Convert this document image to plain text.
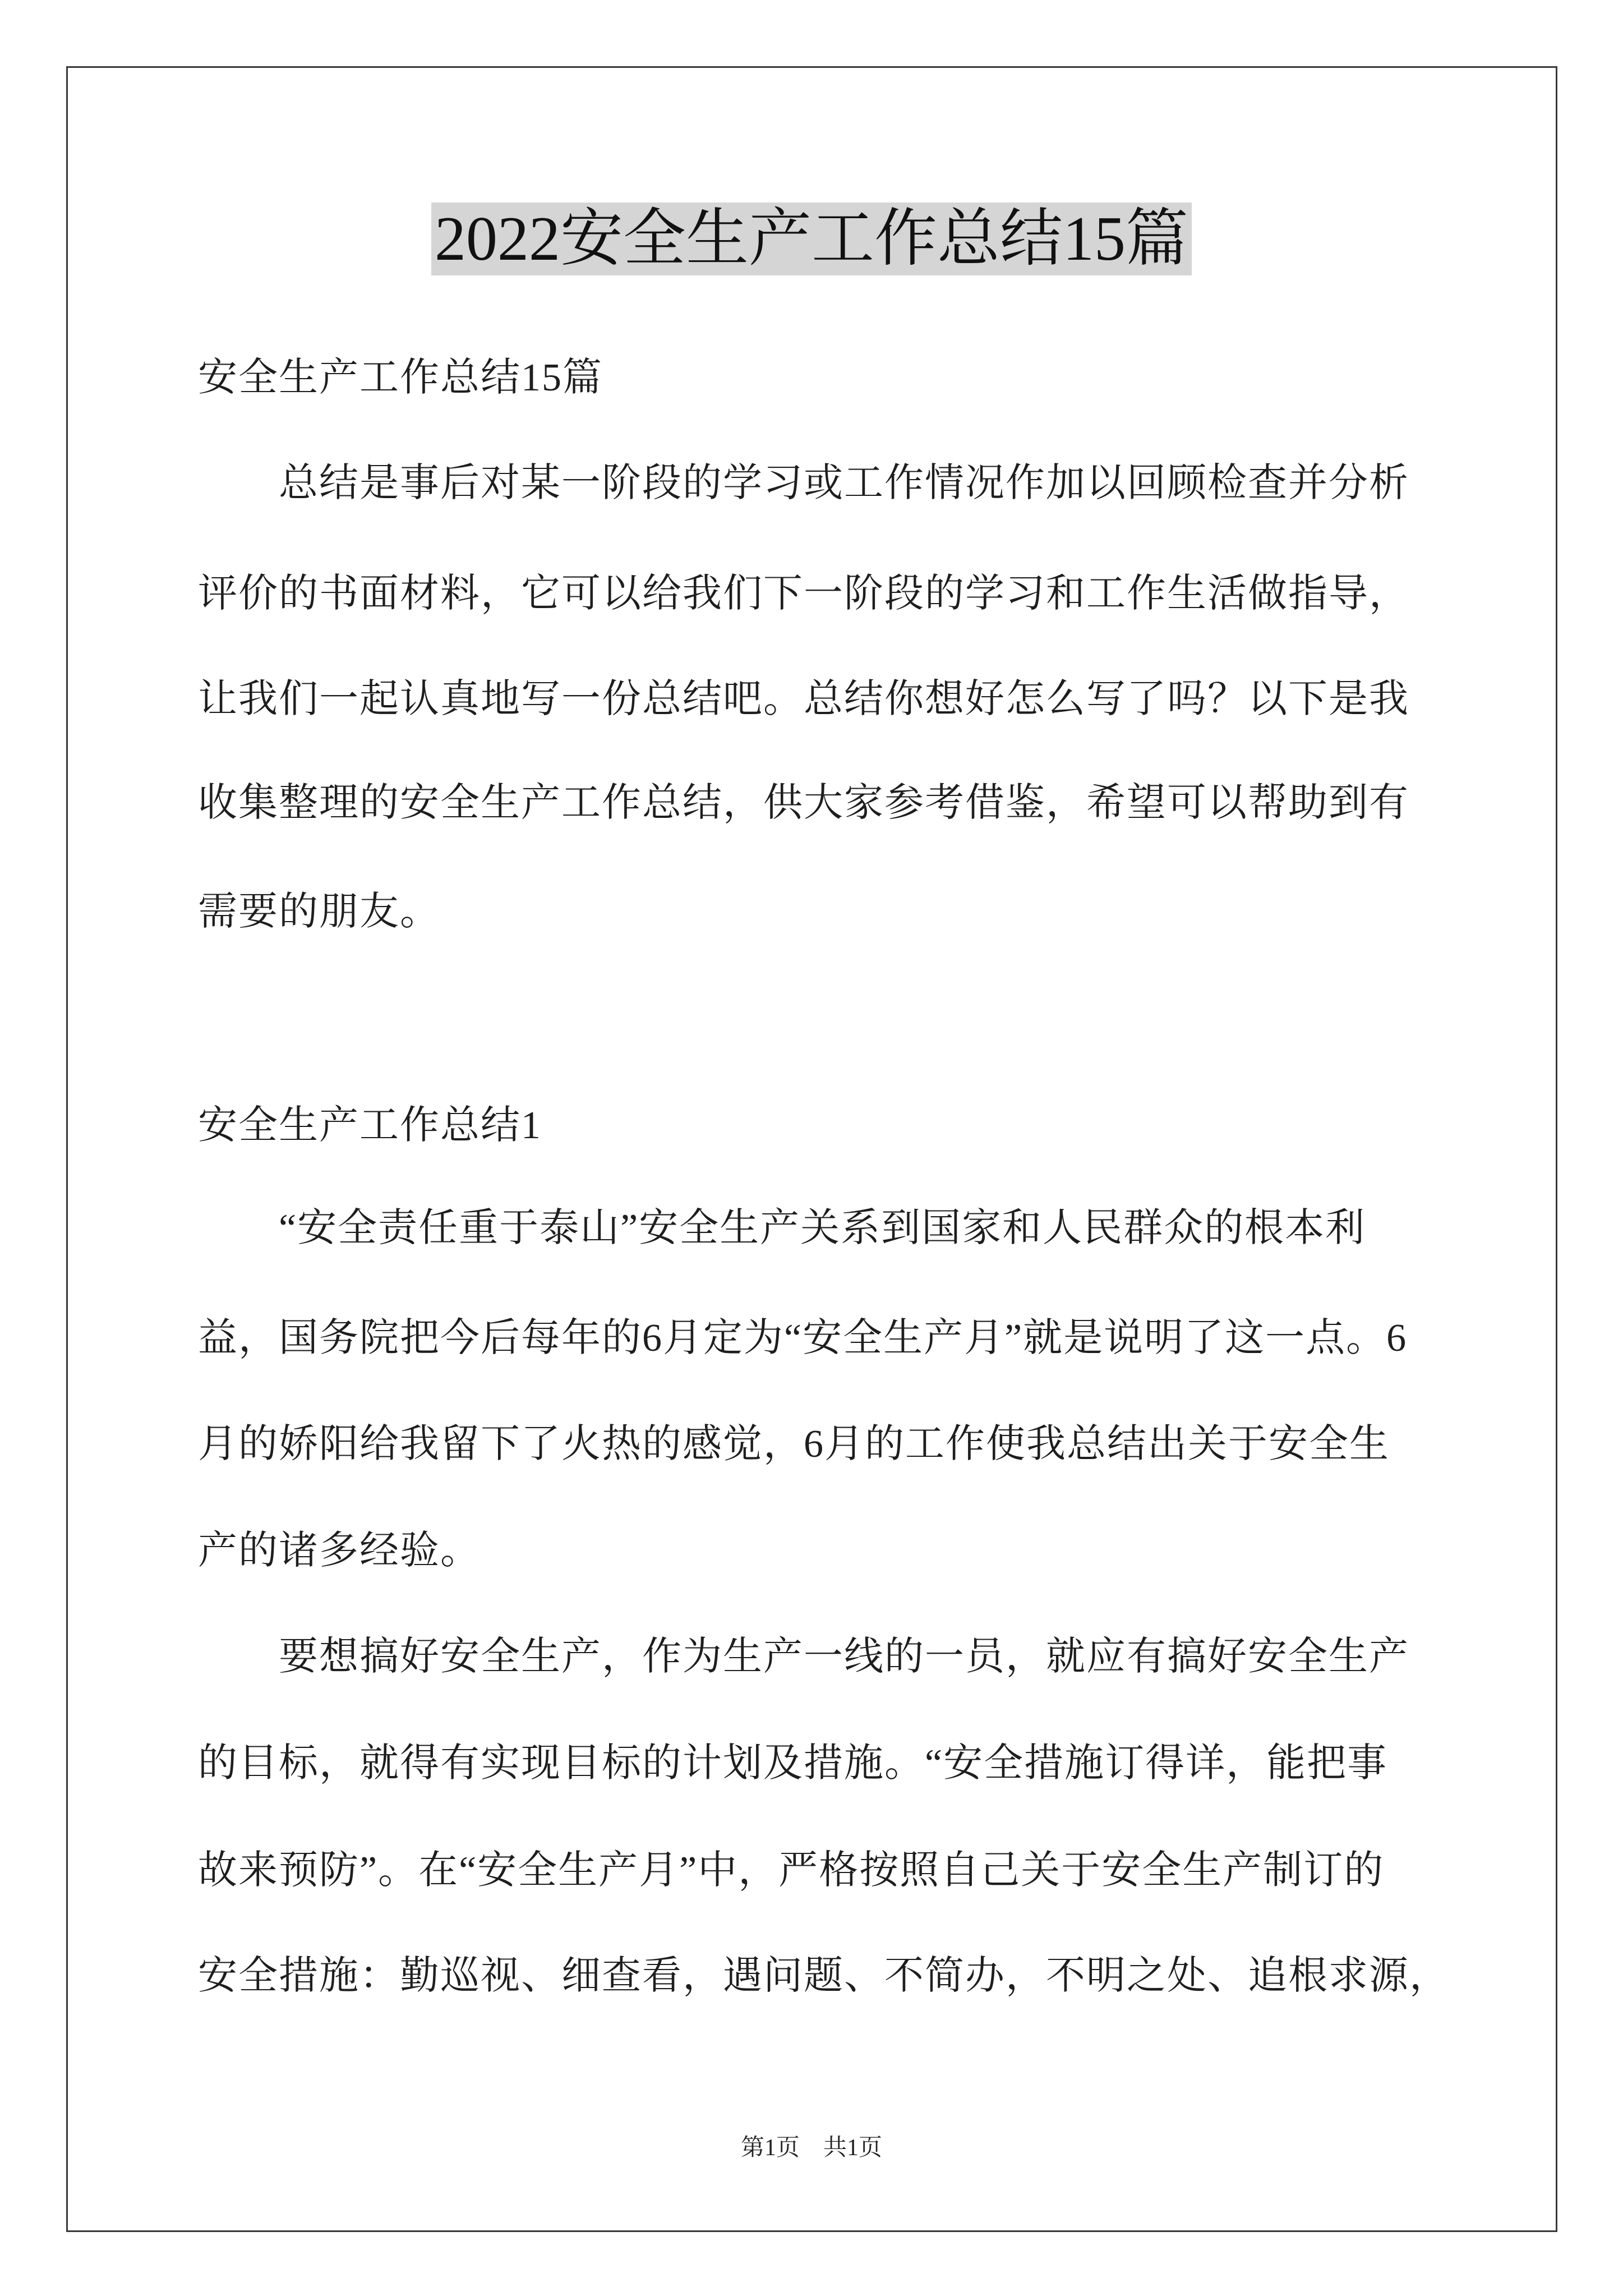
2022安全生产工作总结15篇
安全生产工作总结15篇
总结是事后对某一阶段的学习或工作情况作加以回顾检查并分析
评价的书面材料，它可以给我们下一阶段的学习和工作生活做指导，
让我们一起认真地写一份总结吧。总结你想好怎么写了吗？以下是我
收集整理的安全生产工作总结，供大家参考借鉴，希望可以帮助到有
需要的朋友。
安全生产工作总结1
“安全责任重于泰山”安全生产关系到国家和人民群众的根本利
益，国务院把今后每年的6月定为“安全生产月”就是说明了这一点。6
月的娇阳给我留下了火热的感觉，6月的工作使我总结出关于安全生
产的诸多经验。
要想搞好安全生产，作为生产一线的一员，就应有搞好安全生产
的目标，就得有实现目标的计划及措施。“安全措施订得详，能把事
故来预防”。在“安全生产月”中，严格按照自己关于安全生产制订的
安全措施：勤巡视、细查看，遇问题、不简办，不明之处、追根求源，
第1页　共1页
